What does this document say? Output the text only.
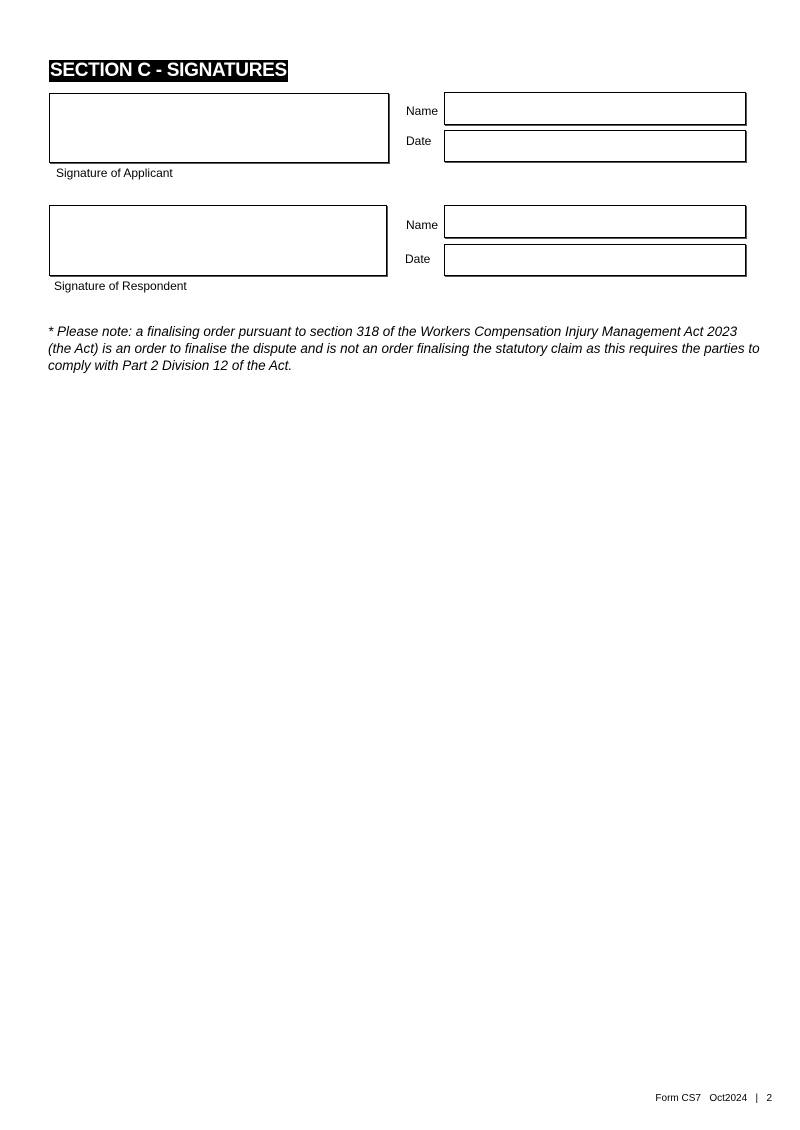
SECTION C - SIGNATURES
Signature of Applicant
Name
Date
Signature of Respondent
Name
Date
* Please note: a finalising order pursuant to section 318 of the Workers Compensation Injury Management Act 2023 (the Act) is an order to finalise the dispute and is not an order finalising the statutory claim as this requires the parties to comply with Part 2 Division 12 of the Act.
Form CS7 Oct2024 | 2
